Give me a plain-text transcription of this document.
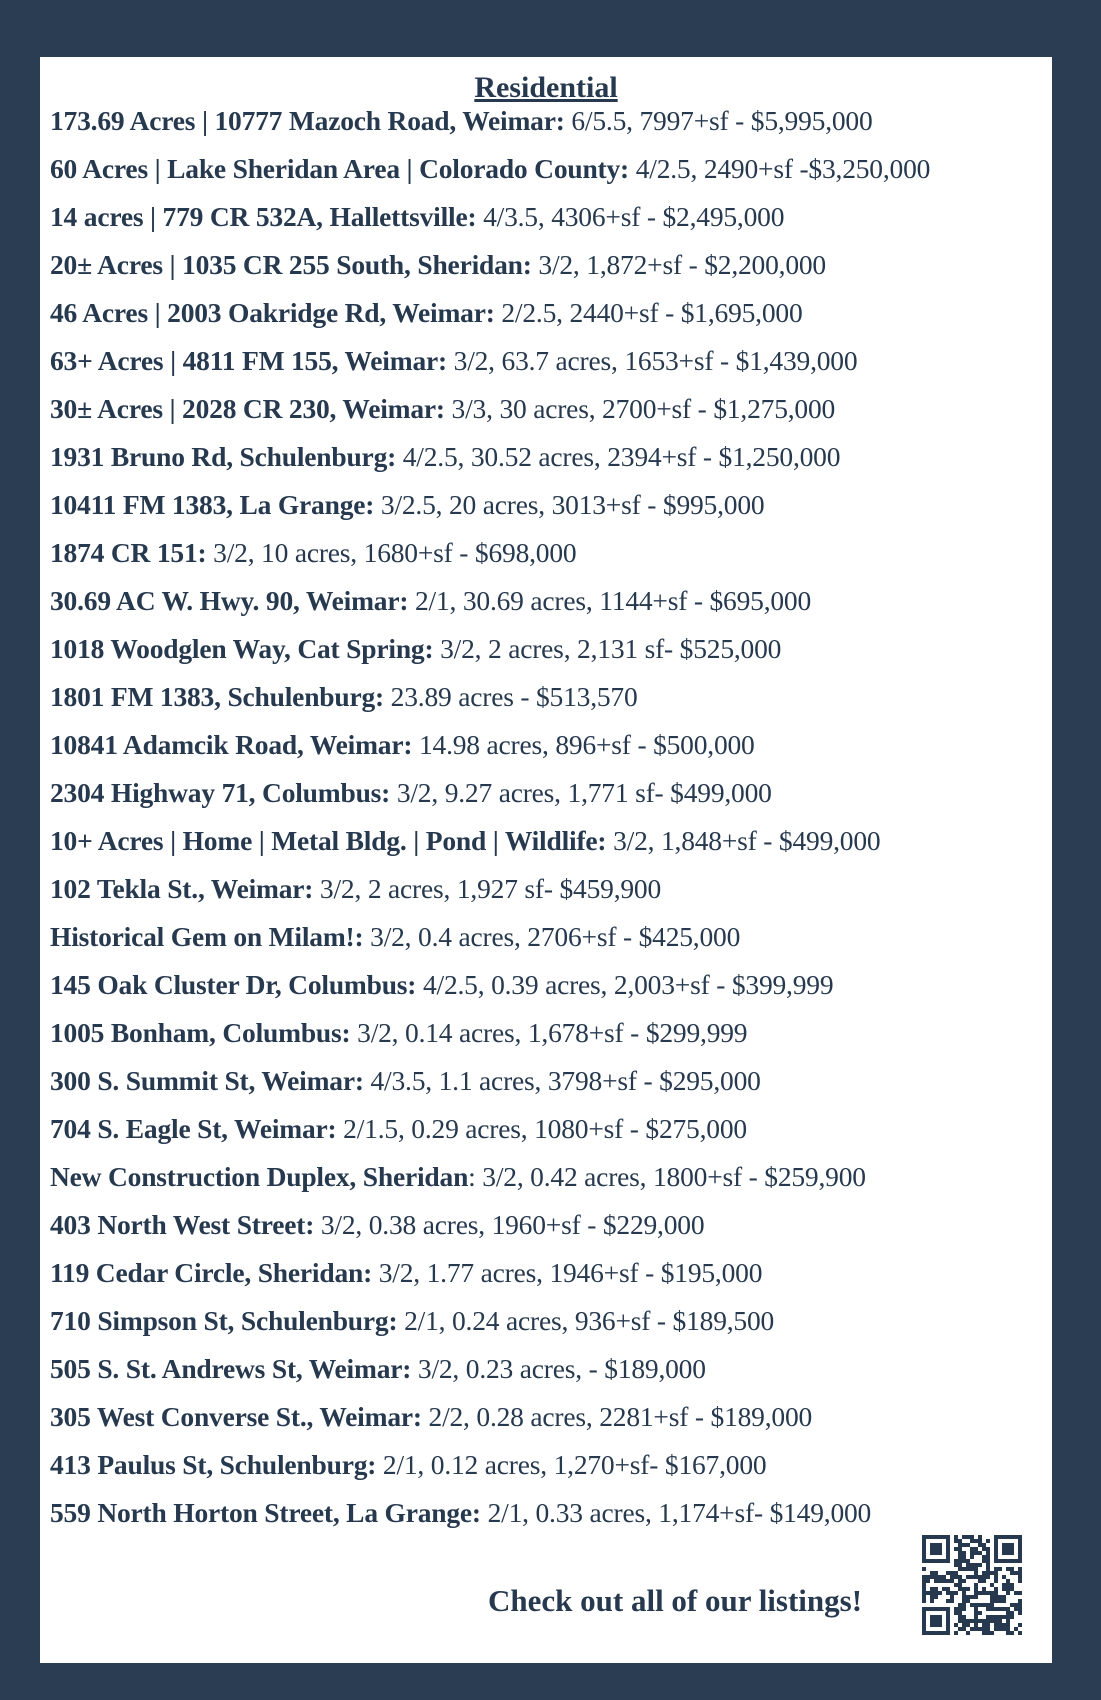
Residential
173.69 Acres | 10777 Mazoch Road, Weimar: 6/5.5, 7997+sf - $5,995,000
60 Acres | Lake Sheridan Area | Colorado County: 4/2.5, 2490+sf -$3,250,000
14 acres | 779 CR 532A, Hallettsville: 4/3.5, 4306+sf - $2,495,000
20± Acres | 1035 CR 255 South, Sheridan: 3/2, 1,872+sf - $2,200,000
46 Acres | 2003 Oakridge Rd, Weimar: 2/2.5, 2440+sf - $1,695,000
63+ Acres | 4811 FM 155, Weimar: 3/2, 63.7 acres, 1653+sf - $1,439,000
30± Acres | 2028 CR 230, Weimar: 3/3, 30 acres, 2700+sf - $1,275,000
1931 Bruno Rd, Schulenburg: 4/2.5, 30.52 acres, 2394+sf - $1,250,000
10411 FM 1383, La Grange: 3/2.5, 20 acres, 3013+sf - $995,000
1874 CR 151: 3/2, 10 acres, 1680+sf - $698,000
30.69 AC W. Hwy. 90, Weimar: 2/1, 30.69 acres, 1144+sf - $695,000
1018 Woodglen Way, Cat Spring: 3/2, 2 acres, 2,131 sf- $525,000
1801 FM 1383, Schulenburg: 23.89 acres - $513,570
10841 Adamcik Road, Weimar: 14.98 acres, 896+sf - $500,000
2304 Highway 71, Columbus: 3/2, 9.27 acres, 1,771 sf- $499,000
10+ Acres | Home | Metal Bldg. | Pond | Wildlife: 3/2, 1,848+sf - $499,000
102 Tekla St., Weimar: 3/2, 2 acres, 1,927 sf- $459,900
Historical Gem on Milam!: 3/2, 0.4 acres, 2706+sf - $425,000
145 Oak Cluster Dr, Columbus: 4/2.5, 0.39 acres, 2,003+sf - $399,999
1005 Bonham, Columbus: 3/2, 0.14 acres, 1,678+sf - $299,999
300 S. Summit St, Weimar: 4/3.5, 1.1 acres, 3798+sf - $295,000
704 S. Eagle St, Weimar: 2/1.5, 0.29 acres, 1080+sf - $275,000
New Construction Duplex, Sheridan: 3/2, 0.42 acres, 1800+sf - $259,900
403 North West Street: 3/2, 0.38 acres, 1960+sf - $229,000
119 Cedar Circle, Sheridan: 3/2, 1.77 acres, 1946+sf - $195,000
710 Simpson St, Schulenburg: 2/1, 0.24 acres, 936+sf - $189,500
505 S. St. Andrews St, Weimar: 3/2, 0.23 acres, - $189,000
305 West Converse St., Weimar: 2/2, 0.28 acres, 2281+sf - $189,000
413 Paulus St, Schulenburg: 2/1, 0.12 acres, 1,270+sf- $167,000
559 North Horton Street, La Grange: 2/1, 0.33 acres, 1,174+sf- $149,000
Check out all of our listings!
